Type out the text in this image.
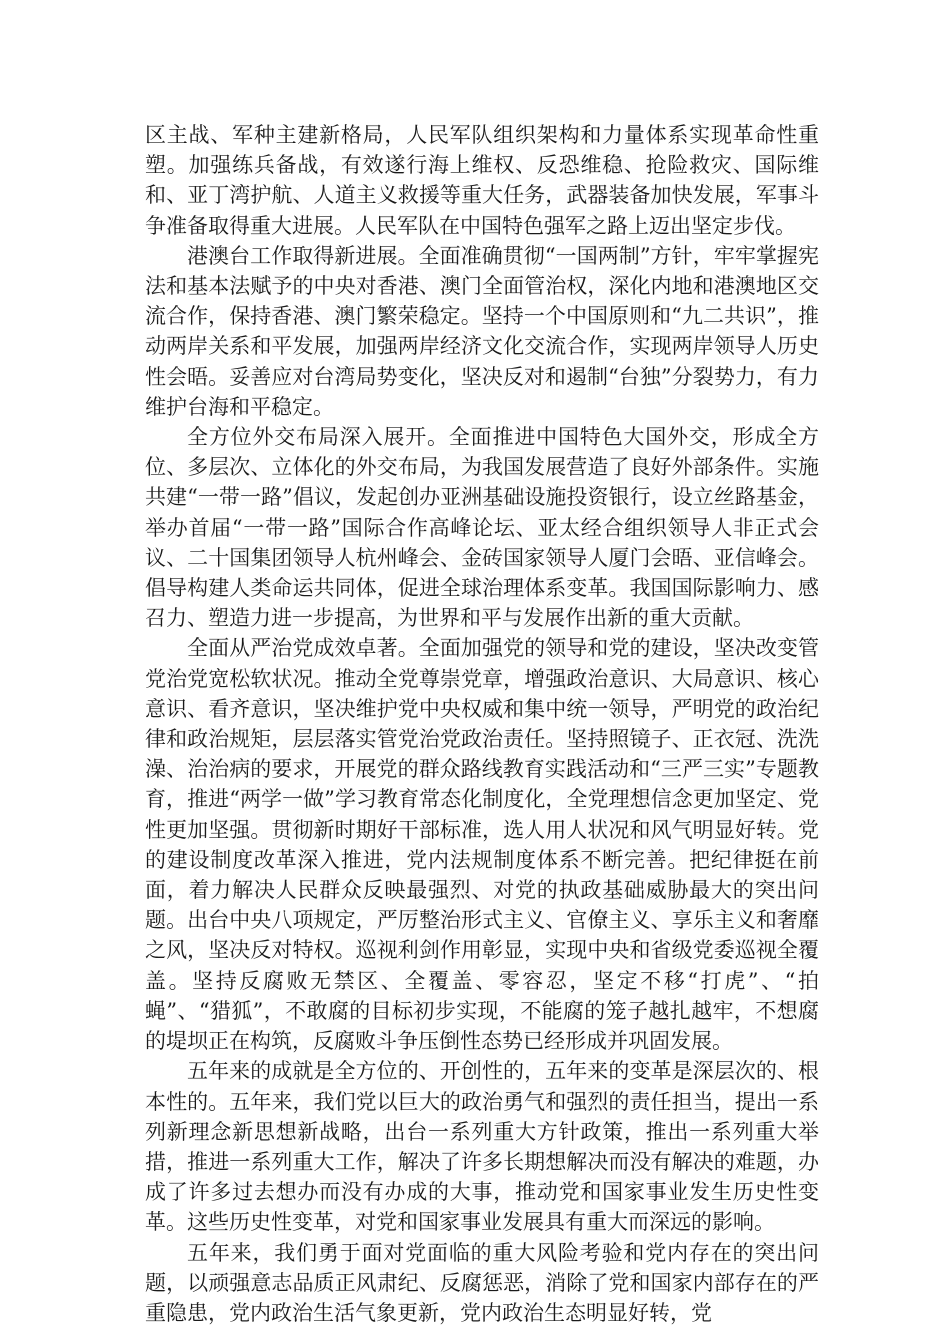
区主战、军种主建新格局，人民军队组织架构和力量体系实现革命性重塑。加强练兵备战，有效遂行海上维权、反恐维稳、抢险救灾、国际维和、亚丁湾护航、人道主义救援等重大任务，武器装备加快发展，军事斗争准备取得重大进展。人民军队在中国特色强军之路上迈出坚定步伐。

港澳台工作取得新进展。全面准确贯彻“一国两制”方针，牢牢掌握宪法和基本法赋予的中央对香港、澳门全面管治权，深化内地和港澳地区交流合作，保持香港、澳门繁荣稳定。坚持一个中国原则和“九二共识”，推动两岸关系和平发展，加强两岸经济文化交流合作，实现两岸领导人历史性会晤。妥善应对台湾局势变化，坚决反对和遏制“台独”分裂势力，有力维护台海和平稳定。

全方位外交布局深入展开。全面推进中国特色大国外交，形成全方位、多层次、立体化的外交布局，为我国发展营造了良好外部条件。实施共建“一带一路”倡议，发起创办亚洲基础设施投资银行，设立丝路基金，举办首届“一带一路”国际合作高峰论坛、亚太经合组织领导人非正式会议、二十国集团领导人杭州峰会、金砖国家领导人厦门会晤、亚信峰会。倡导构建人类命运共同体，促进全球治理体系变革。我国国际影响力、感召力、塑造力进一步提高，为世界和平与发展作出新的重大贡献。

全面从严治党成效卓著。全面加强党的领导和党的建设，坚决改变管党治党宽松软状况。推动全党尊崇党章，增强政治意识、大局意识、核心意识、看齐意识，坚决维护党中央权威和集中统一领导，严明党的政治纪律和政治规矩，层层落实管党治党政治责任。坚持照镜子、正衣冠、洗洗澡、治治病的要求，开展党的群众路线教育实践活动和“三严三实”专题教育，推进“两学一做”学习教育常态化制度化，全党理想信念更加坚定、党性更加坚强。贯彻新时期好干部标准，选人用人状况和风气明显好转。党的建设制度改革深入推进，党内法规制度体系不断完善。把纪律挺在前面，着力解决人民群众反映最强烈、对党的执政基础威胁最大的突出问题。出台中央八项规定，严厉整治形式主义、官僚主义、享乐主义和奢靡之风，坚决反对特权。巡视利剑作用彰显，实现中央和省级党委巡视全覆盖。坚持反腐败无禁区、全覆盖、零容忍，坚定不移“打虎”、“拍蝇”、“猎狐”，不敢腐的目标初步实现，不能腐的笼子越扎越牢，不想腐的堤坝正在构筑，反腐败斗争压倒性态势已经形成并巩固发展。

五年来的成就是全方位的、开创性的，五年来的变革是深层次的、根本性的。五年来，我们党以巨大的政治勇气和强烈的责任担当，提出一系列新理念新思想新战略，出台一系列重大方针政策，推出一系列重大举措，推进一系列重大工作，解决了许多长期想解决而没有解决的难题，办成了许多过去想办而没有办成的大事，推动党和国家事业发生历史性变革。这些历史性变革，对党和国家事业发展具有重大而深远的影响。

五年来，我们勇于面对党面临的重大风险考验和党内存在的突出问题，以顽强意志品质正风肃纪、反腐惩恶，消除了党和国家内部存在的严重隐患，党内政治生活气象更新，党内政治生态明显好转，党
